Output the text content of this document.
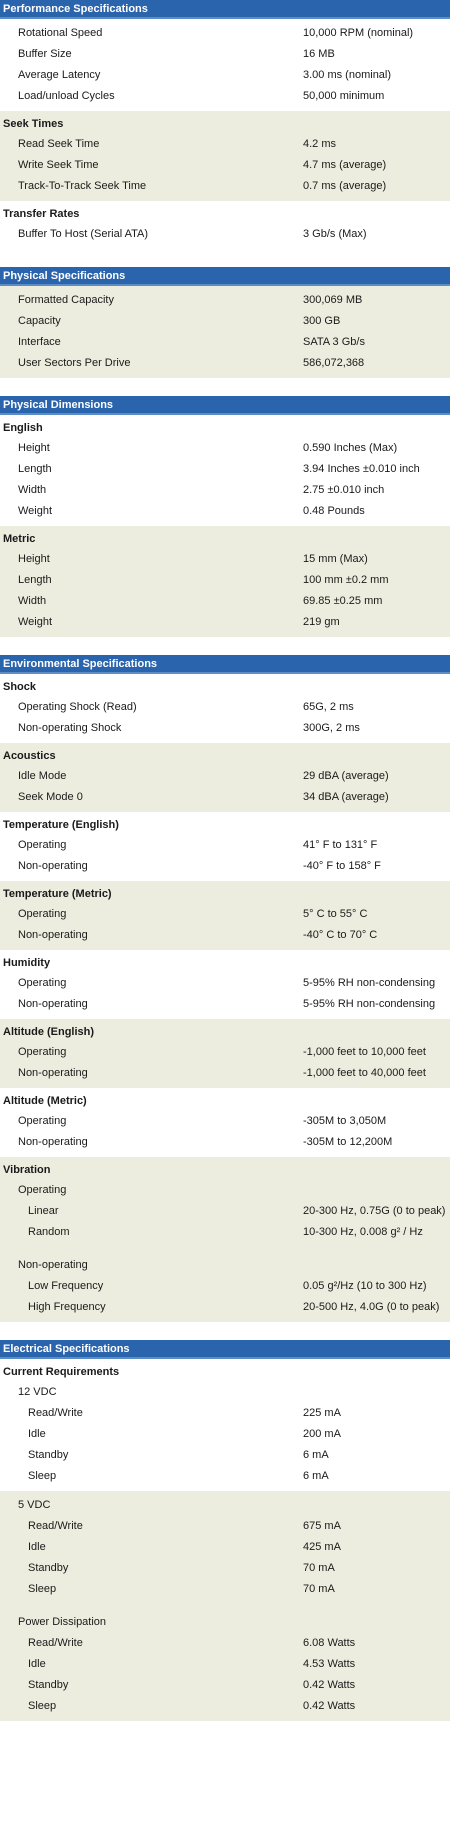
Performance Specifications
Rotational Speed	10,000 RPM (nominal)
Buffer Size	16 MB
Average Latency	3.00 ms (nominal)
Load/unload Cycles	50,000 minimum
Seek Times
Read Seek Time	4.2 ms
Write Seek Time	4.7 ms (average)
Track-To-Track Seek Time	0.7 ms (average)
Transfer Rates
Buffer To Host (Serial ATA)	3 Gb/s (Max)
Physical Specifications
Formatted Capacity	300,069 MB
Capacity	300 GB
Interface	SATA 3 Gb/s
User Sectors Per Drive	586,072,368
Physical Dimensions
English
Height	0.590 Inches (Max)
Length	3.94 Inches ±0.010 inch
Width	2.75 ±0.010 inch
Weight	0.48 Pounds
Metric
Height	15 mm (Max)
Length	100 mm ±0.2 mm
Width	69.85 ±0.25 mm
Weight	219 gm
Environmental Specifications
Shock
Operating Shock (Read)	65G, 2 ms
Non-operating Shock	300G, 2 ms
Acoustics
Idle Mode	29 dBA (average)
Seek Mode 0	34 dBA (average)
Temperature (English)
Operating	41° F to 131° F
Non-operating	-40° F to 158° F
Temperature (Metric)
Operating	5° C to 55° C
Non-operating	-40° C to 70° C
Humidity
Operating	5-95% RH non-condensing
Non-operating	5-95% RH non-condensing
Altitude (English)
Operating	-1,000 feet to 10,000 feet
Non-operating	-1,000 feet to 40,000 feet
Altitude (Metric)
Operating	-305M to 3,050M
Non-operating	-305M to 12,200M
Vibration
Operating
Linear	20-300 Hz, 0.75G (0 to peak)
Random	10-300 Hz, 0.008 g² / Hz
Non-operating
Low Frequency	0.05 g²/Hz (10 to 300 Hz)
High Frequency	20-500 Hz, 4.0G (0 to peak)
Electrical Specifications
Current Requirements
12 VDC
Read/Write	225 mA
Idle	200 mA
Standby	6 mA
Sleep	6 mA
5 VDC
Read/Write	675 mA
Idle	425 mA
Standby	70 mA
Sleep	70 mA
Power Dissipation
Read/Write	6.08 Watts
Idle	4.53 Watts
Standby	0.42 Watts
Sleep	0.42 Watts
